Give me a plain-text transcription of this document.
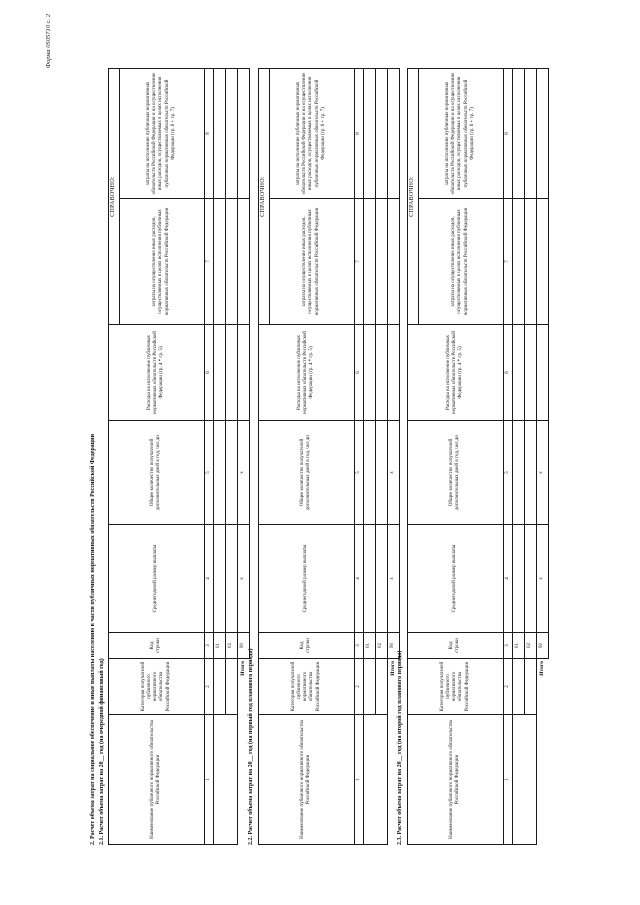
Форма 0505710 с. 2
2. Расчет объема затрат на социальное обеспечение и иные выплаты населению в части публичных нормативных обязательств Российской Федерации 2.1. Расчет объема затрат на 20__ год (на очередной финансовый год)	Наименование публичного нормативного обязательства Российской Федерации	Категория получателей публичного нормативного обязательства Российской Федерации	Код строки	Среднегодовой размер выплаты	Общее количество получателей дополнительных дней в год, чел дн	Расходы на исполнение публичных нормативных обязательств Российской Федерации (гр. 4 * гр. 5)	СПРАВОЧНО:	
						затраты на осуществление иных расходов, осуществляемых в целях исполнения публичных нормативных обязательств Российской Федерации	затраты на исполнение публичных нормативных обязательств Российской Федерации и на осуществление иных расходов, осуществляемых в целях исполнения публичных нормативных обязательств Российской Федерации (гр. 6 + гр. 7)
1	2	3	4	5	6	7	8
		01					
		02					
Итого		90	x	x			
2.2. Расчет объема затрат на 20__ год (на первый год планового периода)	Наименование публичного нормативного обязательства Российской Федерации	Категория получателей публичного нормативного обязательства Российской Федерации	Код строки	Среднегодовой размер выплаты	Общее количество получателей дополнительных дней в год, чел дн	Расходы на исполнение публичных нормативных обязательств Российской Федерации (гр. 4 * гр. 5)	СПРАВОЧНО:	
						затраты на осуществление иных расходов, осуществляемых в целях исполнения публичных нормативных обязательств Российской Федерации	затраты на исполнение публичных нормативных обязательств Российской Федерации и на осуществление иных расходов, осуществляемых в целях исполнения публичных нормативных обязательств Российской Федерации (гр. 6 + гр. 7)
1	2	3	4	5	6	7	8
		01					
		02					
Итого		90	x	x			
2.3. Расчет объема затрат на 20__ год (на второй год планового периода)	Наименование публичного нормативного обязательства Российской Федерации	Категория получателей публичного нормативного обязательства Российской Федерации	Код строки	Среднегодовой размер выплаты	Общее количество получателей дополнительных дней в год, чел дн	Расходы на исполнение публичных нормативных обязательств Российской Федерации (гр. 4 * гр. 5)	СПРАВОЧНО:	
						затраты на осуществление иных расходов, осуществляемых в целях исполнения публичных нормативных обязательств Российской Федерации	затраты на исполнение публичных нормативных обязательств Российской Федерации и на осуществление иных расходов, осуществляемых в целях исполнения публичных нормативных обязательств Российской Федерации (гр. 6 + гр. 7)
1	2	3	4	5	6	7	8
		01					
		02					
Итого		90	x	x			
